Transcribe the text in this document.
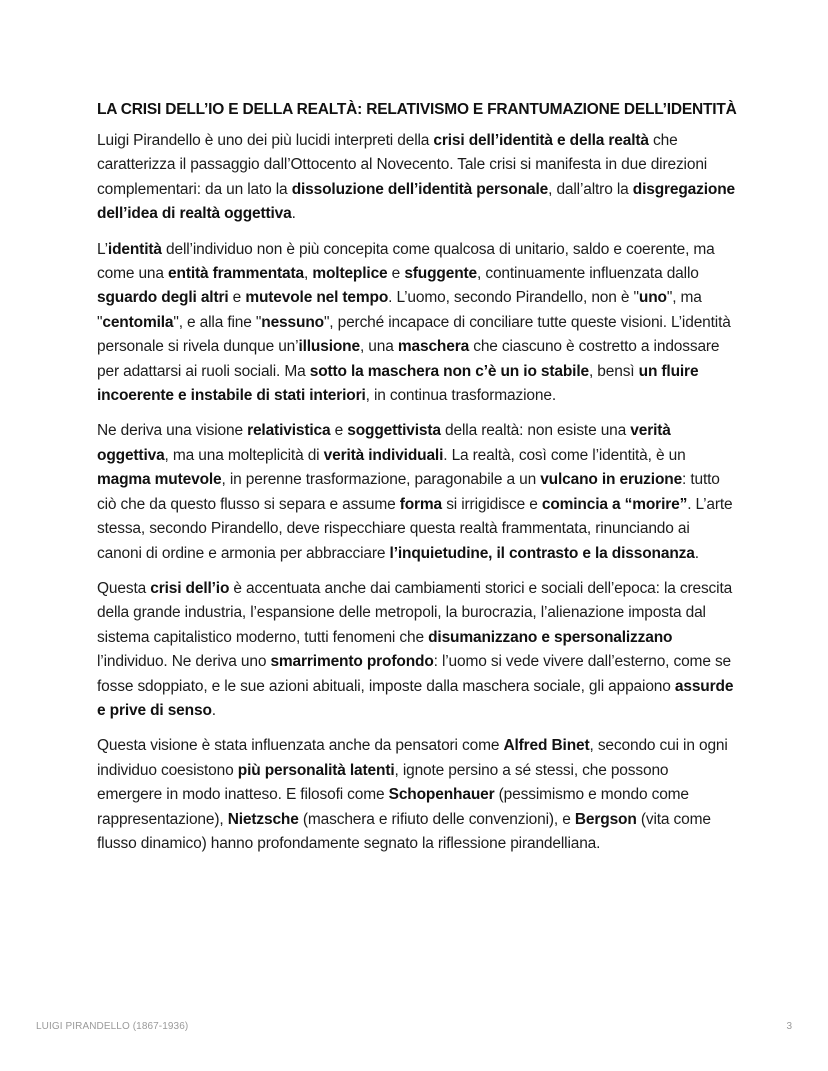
LA CRISI DELL’IO E DELLA REALTÀ: RELATIVISMO E FRANTUMAZIONE DELL’IDENTITÀ

Luigi Pirandello è uno dei più lucidi interpreti della crisi dell’identità e della realtà che caratterizza il passaggio dall’Ottocento al Novecento. Tale crisi si manifesta in due direzioni complementari: da un lato la dissoluzione dell’identità personale, dall’altro la disgregazione dell’idea di realtà oggettiva.

L’identità dell’individuo non è più concepita come qualcosa di unitario, saldo e coerente, ma come una entità frammentata, molteplice e sfuggente, continuamente influenzata dallo sguardo degli altri e mutevole nel tempo. L’uomo, secondo Pirandello, non è "uno", ma "centomila", e alla fine "nessuno", perché incapace di conciliare tutte queste visioni. L’identità personale si rivela dunque un’illusione, una maschera che ciascuno è costretto a indossare per adattarsi ai ruoli sociali. Ma sotto la maschera non c’è un io stabile, bensì un fluire incoerente e instabile di stati interiori, in continua trasformazione.

Ne deriva una visione relativistica e soggettivista della realtà: non esiste una verità oggettiva, ma una molteplicità di verità individuali. La realtà, così come l’identità, è un magma mutevole, in perenne trasformazione, paragonabile a un vulcano in eruzione: tutto ciò che da questo flusso si separa e assume forma si irrigidisce e comincia a “morire”. L’arte stessa, secondo Pirandello, deve rispecchiare questa realtà frammentata, rinunciando ai canoni di ordine e armonia per abbracciare l’inquietudine, il contrasto e la dissonanza.

Questa crisi dell’io è accentuata anche dai cambiamenti storici e sociali dell’epoca: la crescita della grande industria, l’espansione delle metropoli, la burocrazia, l’alienazione imposta dal sistema capitalistico moderno, tutti fenomeni che disumanizzano e spersonalizzano l’individuo. Ne deriva uno smarrimento profondo: l’uomo si vede vivere dall’esterno, come se fosse sdoppiato, e le sue azioni abituali, imposte dalla maschera sociale, gli appaiono assurde e prive di senso.

Questa visione è stata influenzata anche da pensatori come Alfred Binet, secondo cui in ogni individuo coesistono più personalità latenti, ignote persino a sé stessi, che possono emergere in modo inatteso. E filosofi come Schopenhauer (pessimismo e mondo come rappresentazione), Nietzsche (maschera e rifiuto delle convenzioni), e Bergson (vita come flusso dinamico) hanno profondamente segnato la riflessione pirandelliana.

LUIGI PIRANDELLO (1867-1936)	3
